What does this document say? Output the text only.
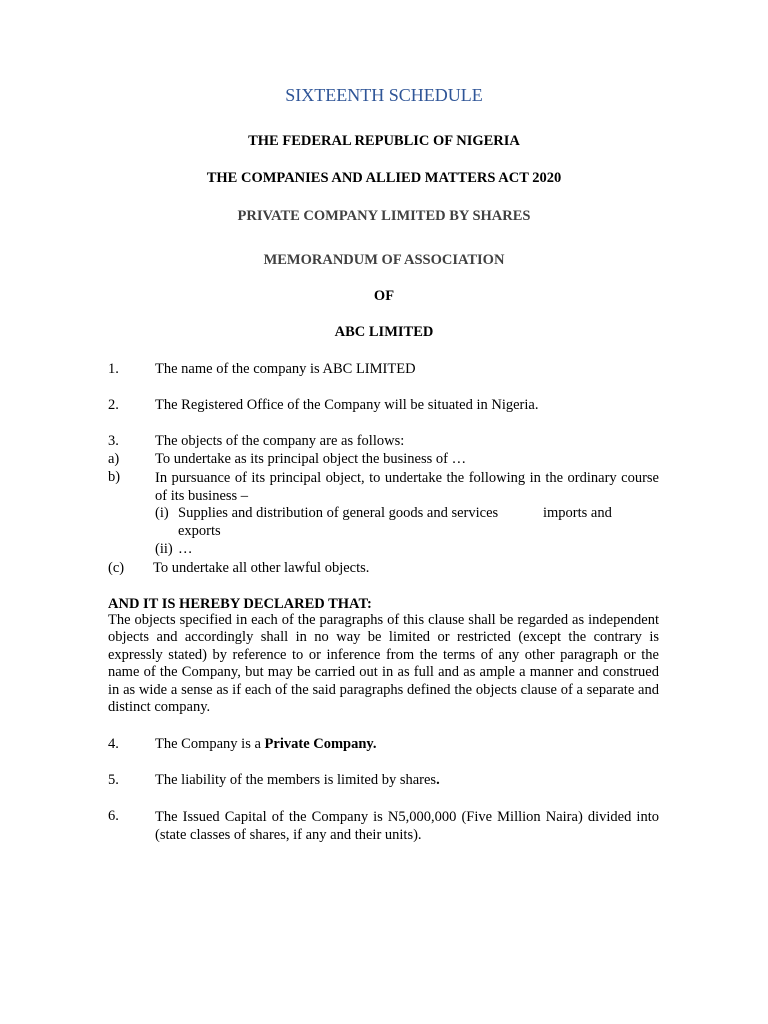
SIXTEENTH SCHEDULE
THE FEDERAL REPUBLIC OF NIGERIA
THE COMPANIES AND ALLIED MATTERS ACT 2020
PRIVATE COMPANY LIMITED BY SHARES
MEMORANDUM OF ASSOCIATION
OF
ABC LIMITED
1. The name of the company is ABC LIMITED
2. The Registered Office of the Company will be situated in Nigeria.
3. The objects of the company are as follows:
a) To undertake as its principal object the business of …
b) In pursuance of its principal object, to undertake the following in the ordinary course of its business –
(i) Supplies and distribution of general goods and services	imports and
exports
(ii) …
(c) To undertake all other lawful objects.
AND IT IS HEREBY DECLARED THAT:
The objects specified in each of the paragraphs of this clause shall be regarded as independent objects and accordingly shall in no way be limited or restricted (except the contrary is expressly stated) by reference to or inference from the terms of any other paragraph or the name of the Company, but may be carried out in as full and as ample a manner and construed in as wide a sense as if each of the said paragraphs defined the objects clause of a separate and distinct company.
4. The Company is a Private Company.
5. The liability of the members is limited by shares.
6. The Issued Capital of the Company is N5,000,000 (Five Million Naira) divided into (state classes of shares, if any and their units).
